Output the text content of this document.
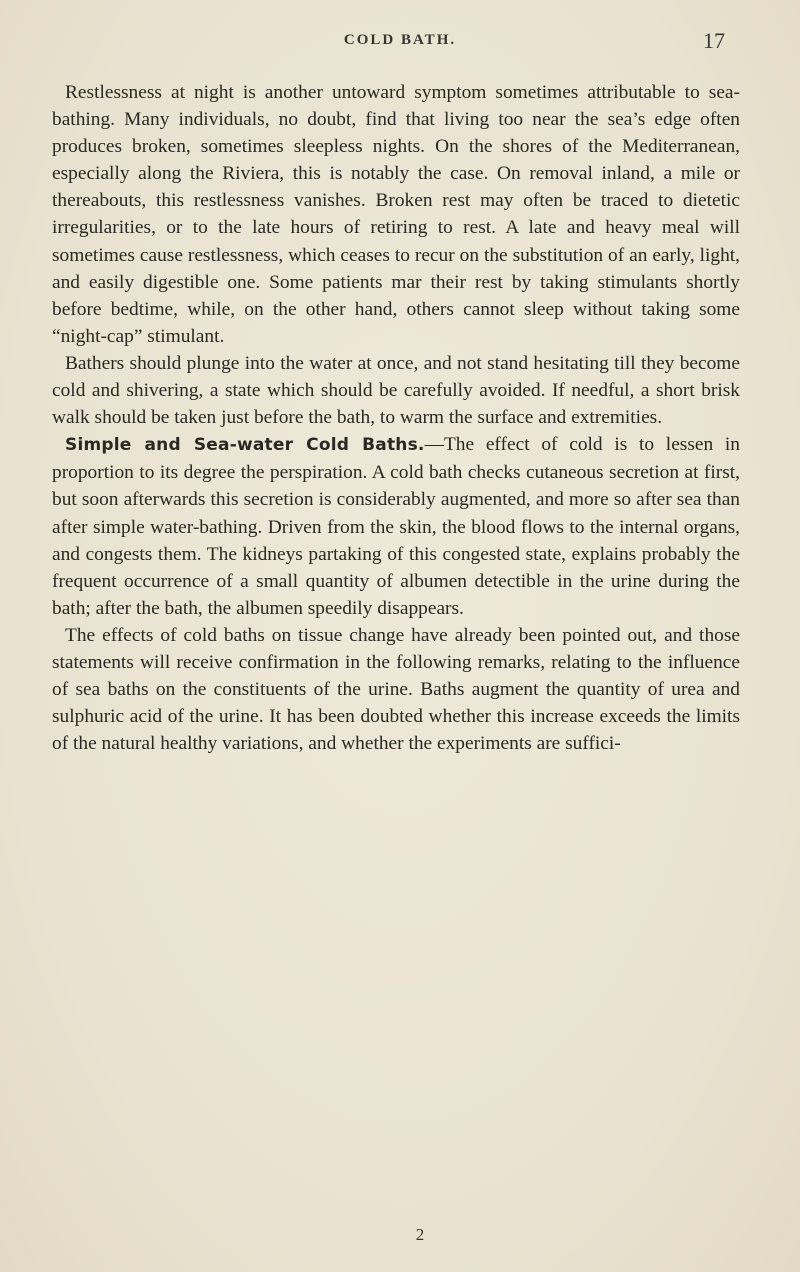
COLD BATH.	17

Restlessness at night is another untoward symptom sometimes attributable to sea-bathing. Many individuals, no doubt, find that living too near the sea’s edge often produces broken, sometimes sleepless nights. On the shores of the Mediterranean, especially along the Riviera, this is notably the case. On removal inland, a mile or thereabouts, this restlessness vanishes. Broken rest may often be traced to dietetic irregularities, or to the late hours of retiring to rest. A late and heavy meal will sometimes cause restlessness, which ceases to recur on the substitution of an early, light, and easily digestible one. Some patients mar their rest by taking stimulants shortly before bedtime, while, on the other hand, others cannot sleep without taking some “night-cap” stimulant.

Bathers should plunge into the water at once, and not stand hesitating till they become cold and shivering, a state which should be carefully avoided. If needful, a short brisk walk should be taken just before the bath, to warm the surface and extremities.

Simple and Sea-water Cold Baths.—The effect of cold is to lessen in proportion to its degree the perspiration. A cold bath checks cutaneous secretion at first, but soon afterwards this secretion is considerably augmented, and more so after sea than after simple water-bathing. Driven from the skin, the blood flows to the internal organs, and congests them. The kidneys partaking of this congested state, explains probably the frequent occurrence of a small quantity of albumen detectible in the urine during the bath; after the bath, the albumen speedily disappears.

The effects of cold baths on tissue change have already been pointed out, and those statements will receive confirmation in the following remarks, relating to the influence of sea baths on the constituents of the urine. Baths augment the quantity of urea and sulphuric acid of the urine. It has been doubted whether this increase exceeds the limits of the natural healthy variations, and whether the experiments are suffici-

2
